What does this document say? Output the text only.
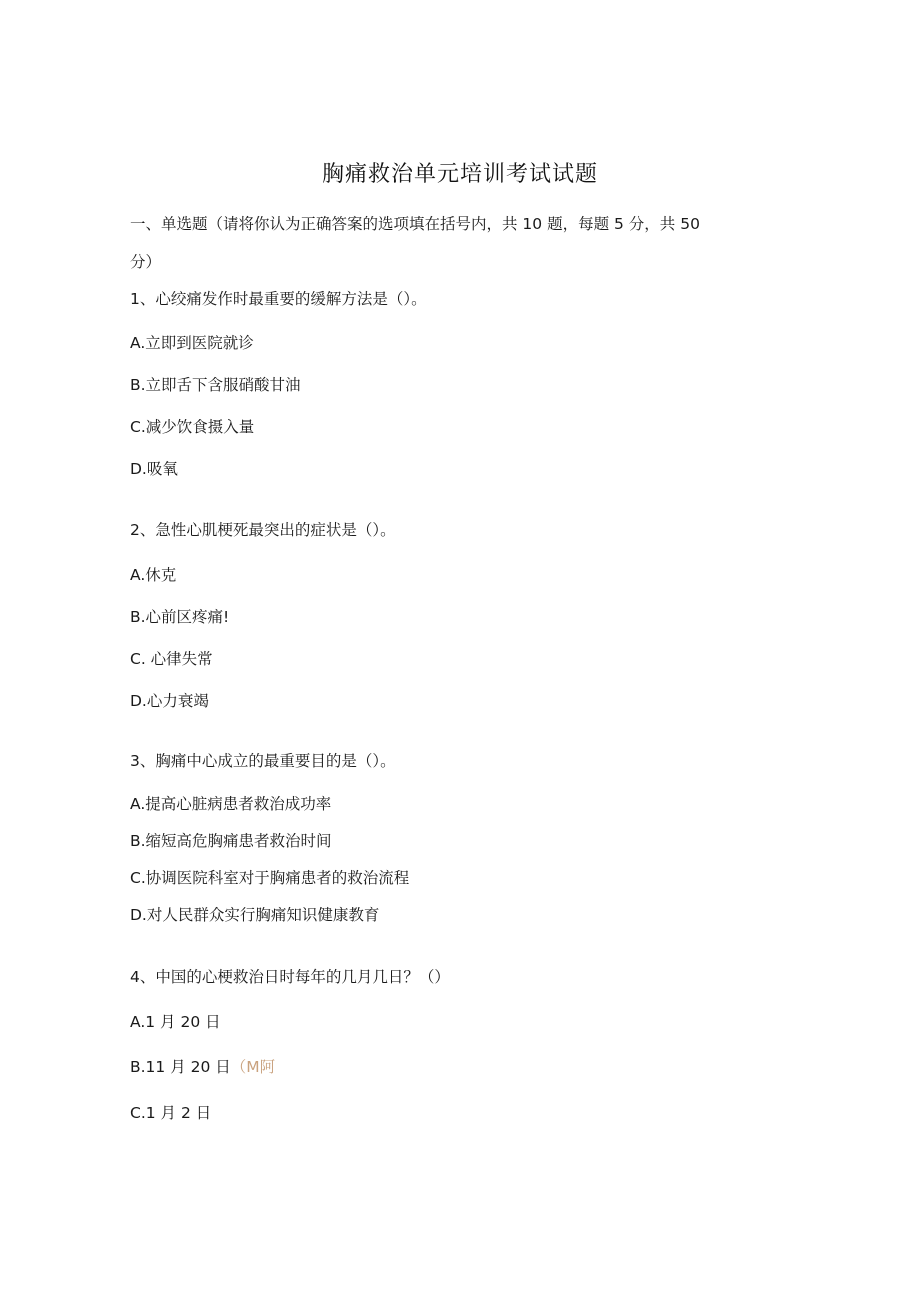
胸痛救治单元培训考试试题
一、单选题（请将你认为正确答案的选项填在括号内，共 10 题，每题 5 分，共 50
分）
1、心绞痛发作时最重要的缓解方法是（）。
A.立即到医院就诊
B.立即舌下含服硝酸甘油
C.减少饮食摄入量
D.吸氧
2、急性心肌梗死最突出的症状是（）。
A.休克
B.心前区疼痛!
C. 心律失常
D.心力衰竭
3、胸痛中心成立的最重要目的是（）。
A.提高心脏病患者救治成功率
B.缩短高危胸痛患者救治时间
C.协调医院科室对于胸痛患者的救治流程
D.对人民群众实行胸痛知识健康教育
4、中国的心梗救治日时每年的几月几日？（）
A.1 月 20 日
B.11 月 20 日（M阿
C.1 月 2 日
